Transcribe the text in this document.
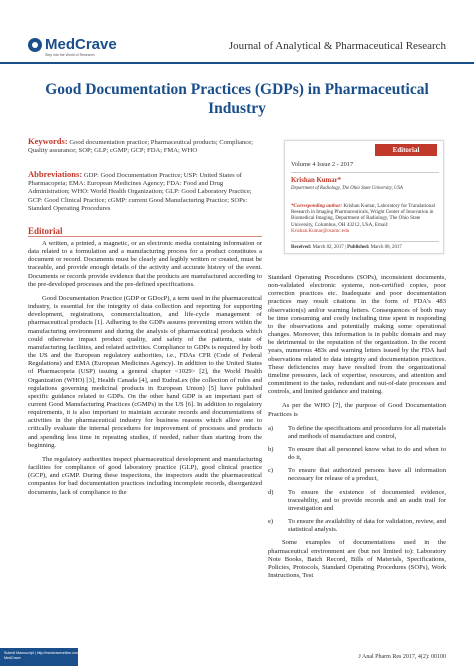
MedCrave
Step into the World of Research
Journal of Analytical & Pharmaceutical Research
Good Documentation Practices (GDPs) in Pharmaceutical Industry
Keywords: Good documentation practice; Pharmaceutical products; Compliance; Quality assurance; SOP; GLP; cGMP; GCP; FDA; FMA; WHO
Abbreviations: GDP: Good Documentation Practice; USP: United States of Pharmacopeia; EMA: European Medicines Agency; FDA: Food and Drug Administration; WHO: World Health Organization; GLP: Good Laboratory Practice; GCP: Good Clinical Practice; cGMP: current Good Manufacturing Practice; SOPs: Standard Operating Procedures
Editorial

A written, a printed, a magnetic, or an electronic media containing information or data related to a formulation and a manufacturing process for a product constitutes a document or record. Documents must be clearly and legibly written or created, must be traceable, and provide enough details of the activity and accurate history of the event. Documents or records provide evidence that the products are manufactured according to the pre-developed processes and the pre-defined specifications.

Good Documentation Practice (GDP or GDocP), a term used in the pharmaceutical industry, is essential for the integrity of data collection and reporting for supporting development, registrations, commercialization, and life-cycle management of pharmaceutical products [1]. Adhering to the GDPs assures preventing errors within the manufacturing environment and during the analysis of pharmaceutical products which could otherwise impact product quality, and safety of the patients, state of manufacturing facilities, and related activities. Compliance to GDPs is required by both the US and the European regulatory authorities, i.e., FDAs CFR (Code of Federal Regulations) and EMA (European Medicines Agency). In addition to the United States of Pharmacopeia (USP) issuing a general chapter <1029> [2], the World Health Organization (WHO) [3], Health Canada [4], and EudraLex (the collection of rules and regulations governing medicinal products in European Union) [5] have published specific guidance related to GDPs. On the other hand GDP is an important part of current Good Manufacturing Practices (cGMPs) in the US [6]. In addition to regulatory requirements, it is also important to maintain accurate records and documentations of activities in the pharmaceutical industry for business reasons which allow one to critically evaluate the internal procedures for improvement of processes and products and spending less time in repeating studies, if needed, rather than starting from the beginning.

The regulatory authorities inspect pharmaceutical development and manufacturing facilities for compliance of good laboratory practice (GLP), good clinical practice (GCP), and cGMP. During these inspections, the inspectors audit the pharmaceutical companies for bad documentation practices including incomplete records, disorganized documents, lack of compliance to the

Editorial
Volume 4 Issue 2 - 2017
Krishan Kumar*
Department of Radiology, The Ohio State University, USA
*Corresponding author: Krishan Kumar, Laboratory for Translational Research in Imaging Pharmaceuticals, Wright Center of Innovation in Biomedical Imaging, Department of Radiology, The Ohio State University, Columbus, OH 43212, USA, Email: Krishan.Kumar@osumc.edu
Received: March 02, 2017 | Published: March 08, 2017

Standard Operating Procedures (SOPs), inconsistent documents, non-validated electronic systems, non-certified copies, poor correction practices etc. Inadequate and poor documentation practices may result citations in the form of FDA's 483 observation(s) and/or warning letters. Consequences of both may be time consuming and costly including time spent in responding to the observations and potentially making some operational changes. Moreover, this information is in public domain and may be detrimental to the reputation of the organization. In the recent years, numerous 483s and warning letters issued by the FDA had observations related to data integrity and documentation practices. These deficiencies may have resulted from the organizational timeline pressures, lack of expertise, resources, and attention and commitment to the tasks, redundant and out-of-date processes and controls, and limited guidance and training.

As per the WHO [7], the purpose of Good Documentation Practices is

a) To define the specifications and procedures for all materials and methods of manufacture and control,
b) To ensure that all personnel know what to do and when to do it,
c) To ensure that authorized persons have all information necessary for release of a product,
d) To ensure the existence of documented evidence, traceability, and to provide records and an audit trail for investigation and
e) To ensure the availability of data for validation, review, and statistical analysis.

Some examples of documentations used in the pharmaceutical environment are (but not limited to): Laboratory Note Books, Batch Record, Bills of Materials, Specifications, Policies, Protocols, Standard Operating Procedures (SOPs), Work Instructions, Test

Submit Manuscript | http://medcraveonline.com
MedCrave	J Anal Pharm Res 2017, 4(2): 00100
